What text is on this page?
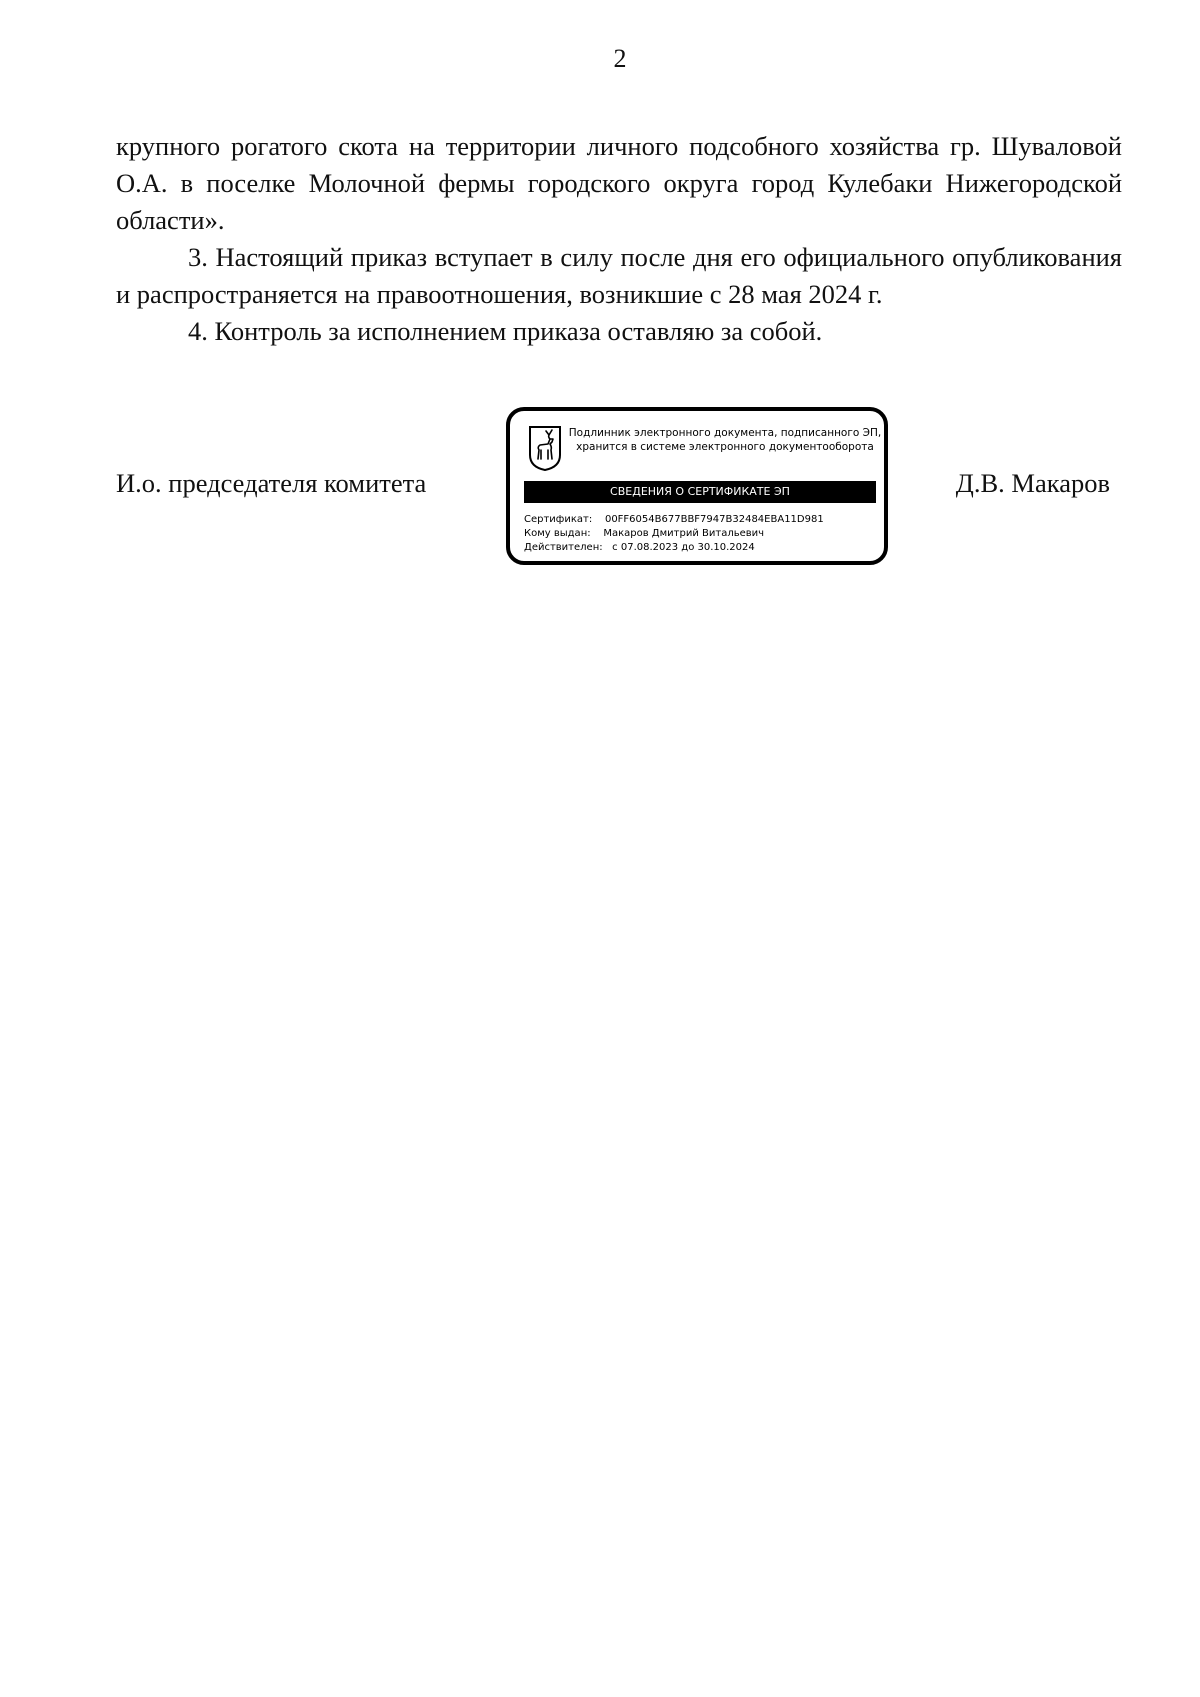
2

крупного рогатого скота на территории личного подсобного хозяйства гр. Шуваловой О.А. в поселке Молочной фермы городского округа город Кулебаки Нижегородской области».

3. Настоящий приказ вступает в силу после дня его официального опубликования и распространяется на правоотношения, возникшие с 28 мая 2024 г.

4. Контроль за исполнением приказа оставляю за собой.

И.о. председателя комитета
Подлинник электронного документа, подписанного ЭП,
хранится в системе электронного документооборота
СВЕДЕНИЯ О СЕРТИФИКАТЕ ЭП
Сертификат: 00FF6054B677BBF7947B32484EBA11D981
Кому выдан: Макаров Дмитрий Витальевич
Действителен: с 07.08.2023 до 30.10.2024
Д.В. Макаров
